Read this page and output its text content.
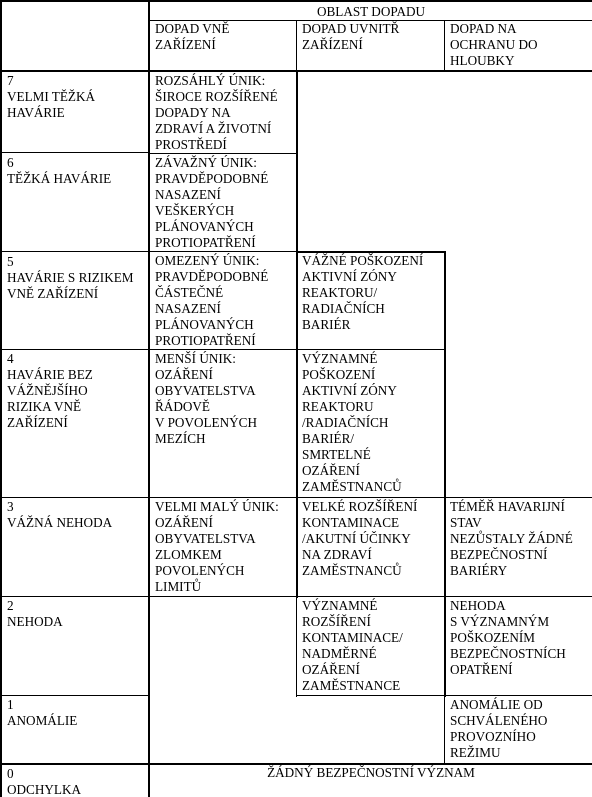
OBLAST DOPADU
DOPAD VNĚ
ZAŘÍZENÍ
DOPAD UVNITŘ
ZAŘÍZENÍ
DOPAD NA
OCHRANU DO
HLOUBKY
7
VELMI TĚŽKÁ
HAVÁRIE
6
TĚŽKÁ HAVÁRIE
5
HAVÁRIE S RIZIKEM
VNĚ ZAŘÍZENÍ
4
HAVÁRIE BEZ
VÁŽNĚJŠÍHO
RIZIKA VNĚ
ZAŘÍZENÍ
3
VÁŽNÁ NEHODA
2
NEHODA
1
ANOMÁLIE
0
ODCHYLKA
ROZSÁHLÝ ÚNIK:
ŠIROCE ROZŠÍŘENÉ
DOPADY NA
ZDRAVÍ A ŽIVOTNÍ
PROSTŘEDÍ
ZÁVAŽNÝ ÚNIK:
PRAVDĚPODOBNÉ
NASAZENÍ
VEŠKERÝCH
PLÁNOVANÝCH
PROTIOPATŘENÍ
OMEZENÝ ÚNIK:
PRAVDĚPODOBNÉ
ČÁSTEČNÉ
NASAZENÍ
PLÁNOVANÝCH
PROTIOPATŘENÍ
MENŠÍ ÚNIK:
OZÁŘENÍ
OBYVATELSTVA
ŘÁDOVĚ
V POVOLENÝCH
MEZÍCH
VELMI MALÝ ÚNIK:
OZÁŘENÍ
OBYVATELSTVA
ZLOMKEM
POVOLENÝCH
LIMITŮ
VÁŽNÉ POŠKOZENÍ
AKTIVNÍ ZÓNY
REAKTORU/
RADIAČNÍCH
BARIÉR
VÝZNAMNÉ
POŠKOZENÍ
AKTIVNÍ ZÓNY
REAKTORU
/RADIAČNÍCH
BARIÉR/
SMRTELNÉ
OZÁŘENÍ
ZAMĚSTNANCŮ
VELKÉ ROZŠÍŘENÍ
KONTAMINACE
/AKUTNÍ ÚČINKY
NA ZDRAVÍ
ZAMĚSTNANCŮ
VÝZNAMNÉ
ROZŠÍŘENÍ
KONTAMINACE/
NADMĚRNÉ
OZÁŘENÍ
ZAMĚSTNANCE
TÉMĚŘ HAVARIJNÍ
STAV
NEZŮSTALY ŽÁDNÉ
BEZPEČNOSTNÍ
BARIÉRY
NEHODA
S VÝZNAMNÝM
POŠKOZENÍM
BEZPEČNOSTNÍCH
OPATŘENÍ
ANOMÁLIE OD
SCHVÁLENÉHO
PROVOZNÍHO
REŽIMU
ŽÁDNÝ BEZPEČNOSTNÍ VÝZNAM
